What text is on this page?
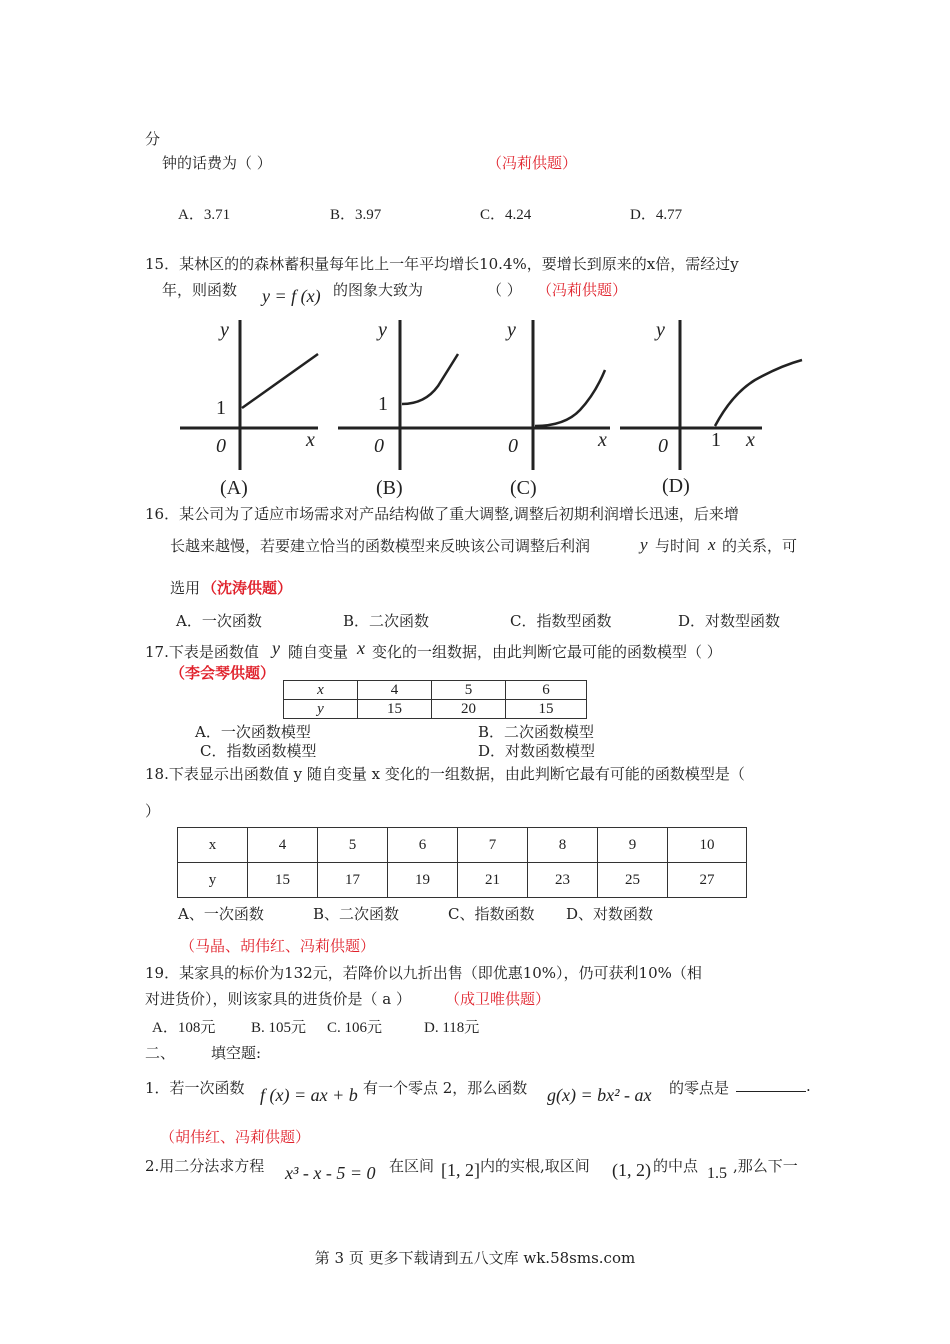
分
钟的话费为（ ）	（冯莉供题）
A．3.71	B．3.97	C．4.24	D．4.77
15．某林区的的森林蓄积量每年比上一年平均增长10.4%，要增长到原来的x倍，需经过y
年，则函数 y = f (x) 的图象大致为	（ ） （冯莉供题）
y
x
0
1
(A)
y
0
1
(B)
y
x
0
(C)
y
x
0 1
(D)
16．某公司为了适应市场需求对产品结构做了重大调整,调整后初期利润增长迅速，后来增
长越来越慢，若要建立恰当的函数模型来反映该公司调整后利润	y 与时间 x 的关系，可
选用 （沈涛供题）
A．一次函数	B．二次函数	C．指数型函数	D．对数型函数
17.下表是函数值 y 随自变量 x 变化的一组数据，由此判断它最可能的函数模型（ ）
（李会琴供题）
x	4	5	6
y	15	20	15
A．一次函数模型	B．二次函数模型
C．指数函数模型	D．对数函数模型
18.下表显示出函数值 y 随自变量 x 变化的一组数据，由此判断它最有可能的函数模型是（
）
x	4	5	6	7	8	9	10
y	15	17	19	21	23	25	27
A、一次函数	B、二次函数	C、指数函数 D、对数函数
（马晶、胡伟红、冯莉供题）
19．某家具的标价为132元，若降价以九折出售（即优惠10%），仍可获利10%（相
对进货价），则该家具的进货价是（ a ） （成卫唯供题）
A．108元 B. 105元 C. 106元	D. 118元
二、 填空题:
1．若一次函数 f (x) = ax + b 有一个零点 2，那么函数 g(x) = bx² - ax 的零点是	.
（胡伟红、冯莉供题）
2.用二分法求方程 x³ - x - 5 = 0 在区间 [1, 2] 内的实根,取区间 (1, 2) 的中点 1.5 ,那么下一
第 3 页 更多下载请到五八文库 wk.58sms.com
